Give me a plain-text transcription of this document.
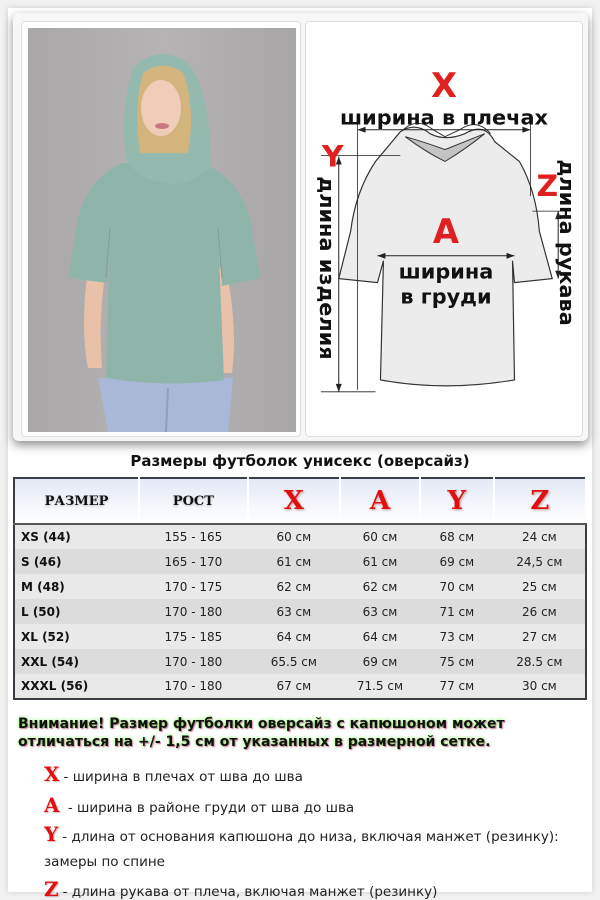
X
ширина в плечах
Y
Z
A
ширина
в груди
длина изделия	длина рукава
Размеры футболок унисекс (оверсайз)
РАЗМЕР	РОСТ	X	A	Y	Z
XS (44)	155 - 165	60 см	60 см	68 см	24 см
S (46)	165 - 170	61 см	61 см	69 см	24,5 см
M (48)	170 - 175	62 см	62 см	70 см	25 см
L (50)	170 - 180	63 см	63 см	71 см	26 см
XL (52)	175 - 185	64 см	64 см	73 см	27 см
XXL (54)	170 - 180	65.5 см	69 см	75 см	28.5 см
XXXL (56)	170 - 180	67 см	71.5 см	77 см	30 см
Внимание! Размер футболки оверсайз с капюшоном может отличаться на +/- 1,5 см от указанных в размерной сетке.
X - ширина в плечах от шва до шва
A - ширина в районе груди от шва до шва
Y - длина от основания капюшона до низа, включая манжет (резинку): замеры по спине
Z - длина рукава от плеча, включая манжет (резинку)
